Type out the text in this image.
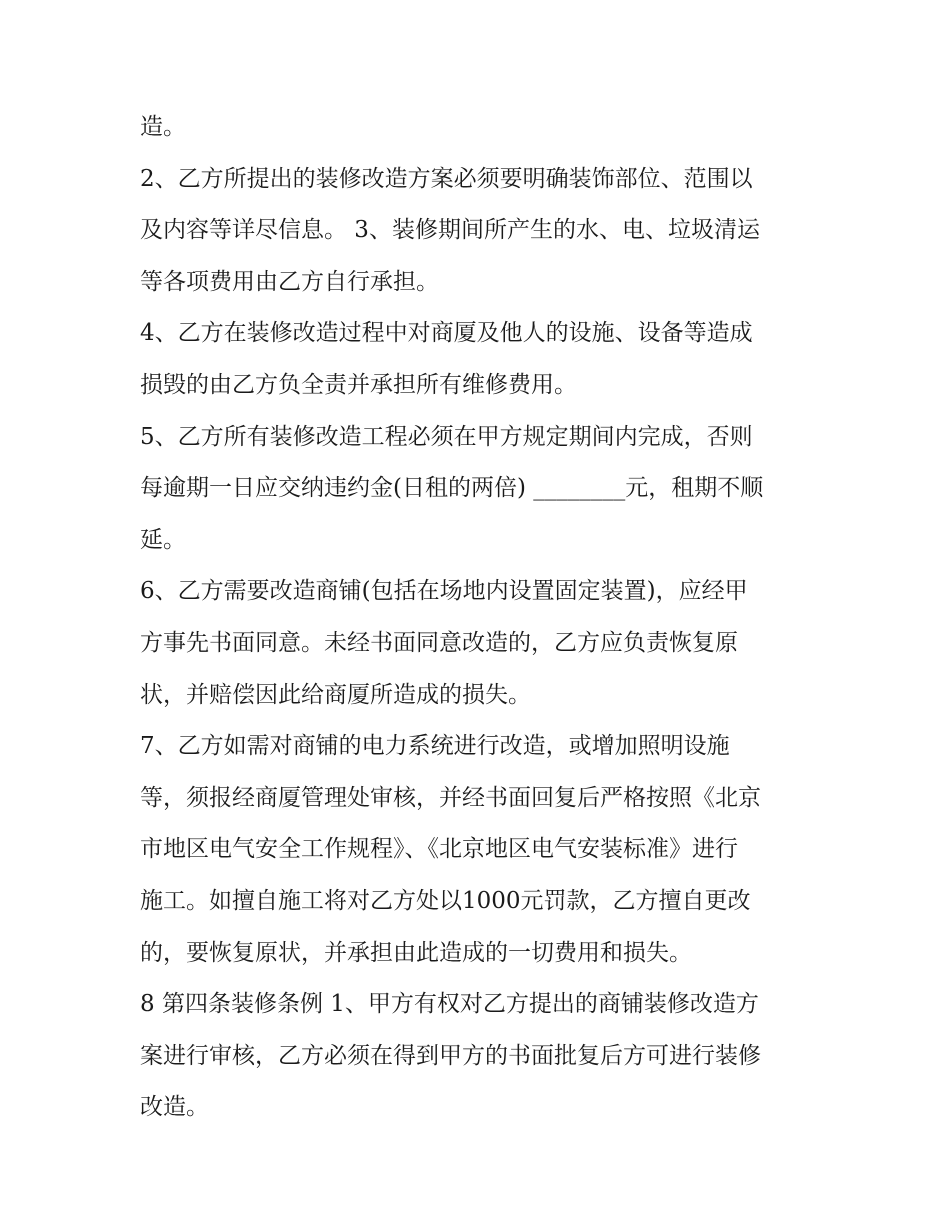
造。
2、乙方所提出的装修改造方案必须要明确装饰部位、范围以
及内容等详尽信息。 3、装修期间所产生的水、电、垃圾清运
等各项费用由乙方自行承担。
4、乙方在装修改造过程中对商厦及他人的设施、设备等造成
损毁的由乙方负全责并承担所有维修费用。
5、乙方所有装修改造工程必须在甲方规定期间内完成，否则
每逾期一日应交纳违约金(日租的两倍) ________元，租期不顺
延。
6、乙方需要改造商铺(包括在场地内设置固定装置)，应经甲
方事先书面同意。未经书面同意改造的，乙方应负责恢复原
状，并赔偿因此给商厦所造成的损失。
7、乙方如需对商铺的电力系统进行改造，或增加照明设施
等，须报经商厦管理处审核，并经书面回复后严格按照《北京
市地区电气安全工作规程》、《北京地区电气安装标准》进行
施工。如擅自施工将对乙方处以1000元罚款，乙方擅自更改
的，要恢复原状，并承担由此造成的一切费用和损失。
8 第四条装修条例 1、甲方有权对乙方提出的商铺装修改造方
案进行审核，乙方必须在得到甲方的书面批复后方可进行装修
改造。
